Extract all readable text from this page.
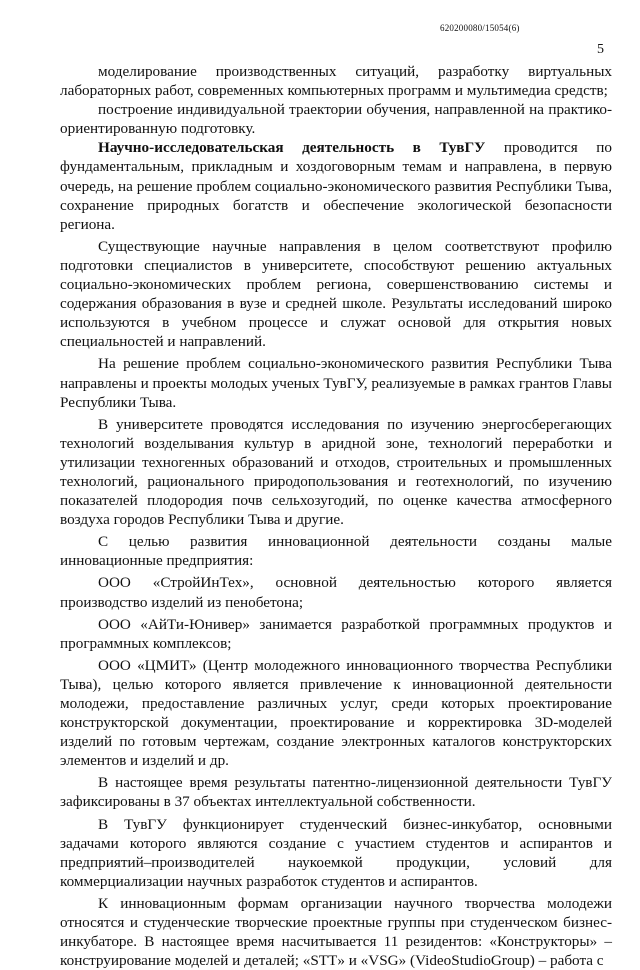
620200080/15054(6)
5

моделирование производственных ситуаций, разработку виртуальных лабораторных работ, современных компьютерных программ и мультимедиа средств;

построение индивидуальной траектории обучения, направленной на практико-ориентированную подготовку.

Научно-исследовательская деятельность в ТувГУ проводится по фундаментальным, прикладным и хоздоговорным темам и направлена, в первую очередь, на решение проблем социально-экономического развития Республики Тыва, сохранение природных богатств и обеспечение экологической безопасности региона.

Существующие научные направления в целом соответствуют профилю подготовки специалистов в университете, способствуют решению актуальных социально-экономических проблем региона, совершенствованию системы и содержания образования в вузе и средней школе. Результаты исследований широко используются в учебном процессе и служат основой для открытия новых специальностей и направлений.

На решение проблем социально-экономического развития Республики Тыва направлены и проекты молодых ученых ТувГУ, реализуемые в рамках грантов Главы Республики Тыва.

В университете проводятся исследования по изучению энергосберегающих технологий возделывания культур в аридной зоне, технологий переработки и утилизации техногенных образований и отходов, строительных и промышленных технологий, рационального природопользования и геотехнологий, по изучению показателей плодородия почв сельхозугодий, по оценке качества атмосферного воздуха городов Республики Тыва и другие.

С целью развития инновационной деятельности созданы малые инновационные предприятия:

ООО «СтройИнТех», основной деятельностью которого является производство изделий из пенобетона;

ООО «АйТи-Юнивер» занимается разработкой программных продуктов и программных комплексов;

ООО «ЦМИТ» (Центр молодежного инновационного творчества Республики Тыва), целью которого является привлечение к инновационной деятельности молодежи, предоставление различных услуг, среди которых проектирование конструкторской документации, проектирование и корректировка 3D-моделей изделий по готовым чертежам, создание электронных каталогов конструкторских элементов и изделий и др.

В настоящее время результаты патентно-лицензионной деятельности ТувГУ зафиксированы в 37 объектах интеллектуальной собственности.

В ТувГУ функционирует студенческий бизнес-инкубатор, основными задачами которого являются создание с участием студентов и аспирантов и предприятий–производителей наукоемкой продукции, условий для коммерциализации научных разработок студентов и аспирантов.

К инновационным формам организации научного творчества молодежи относятся и студенческие творческие проектные группы при студенческом бизнес-инкубаторе. В настоящее время насчитывается 11 резидентов: «Конструкторы» – конструирование моделей и деталей; «STT» и «VSG» (VideoStudioGroup) – работа с
